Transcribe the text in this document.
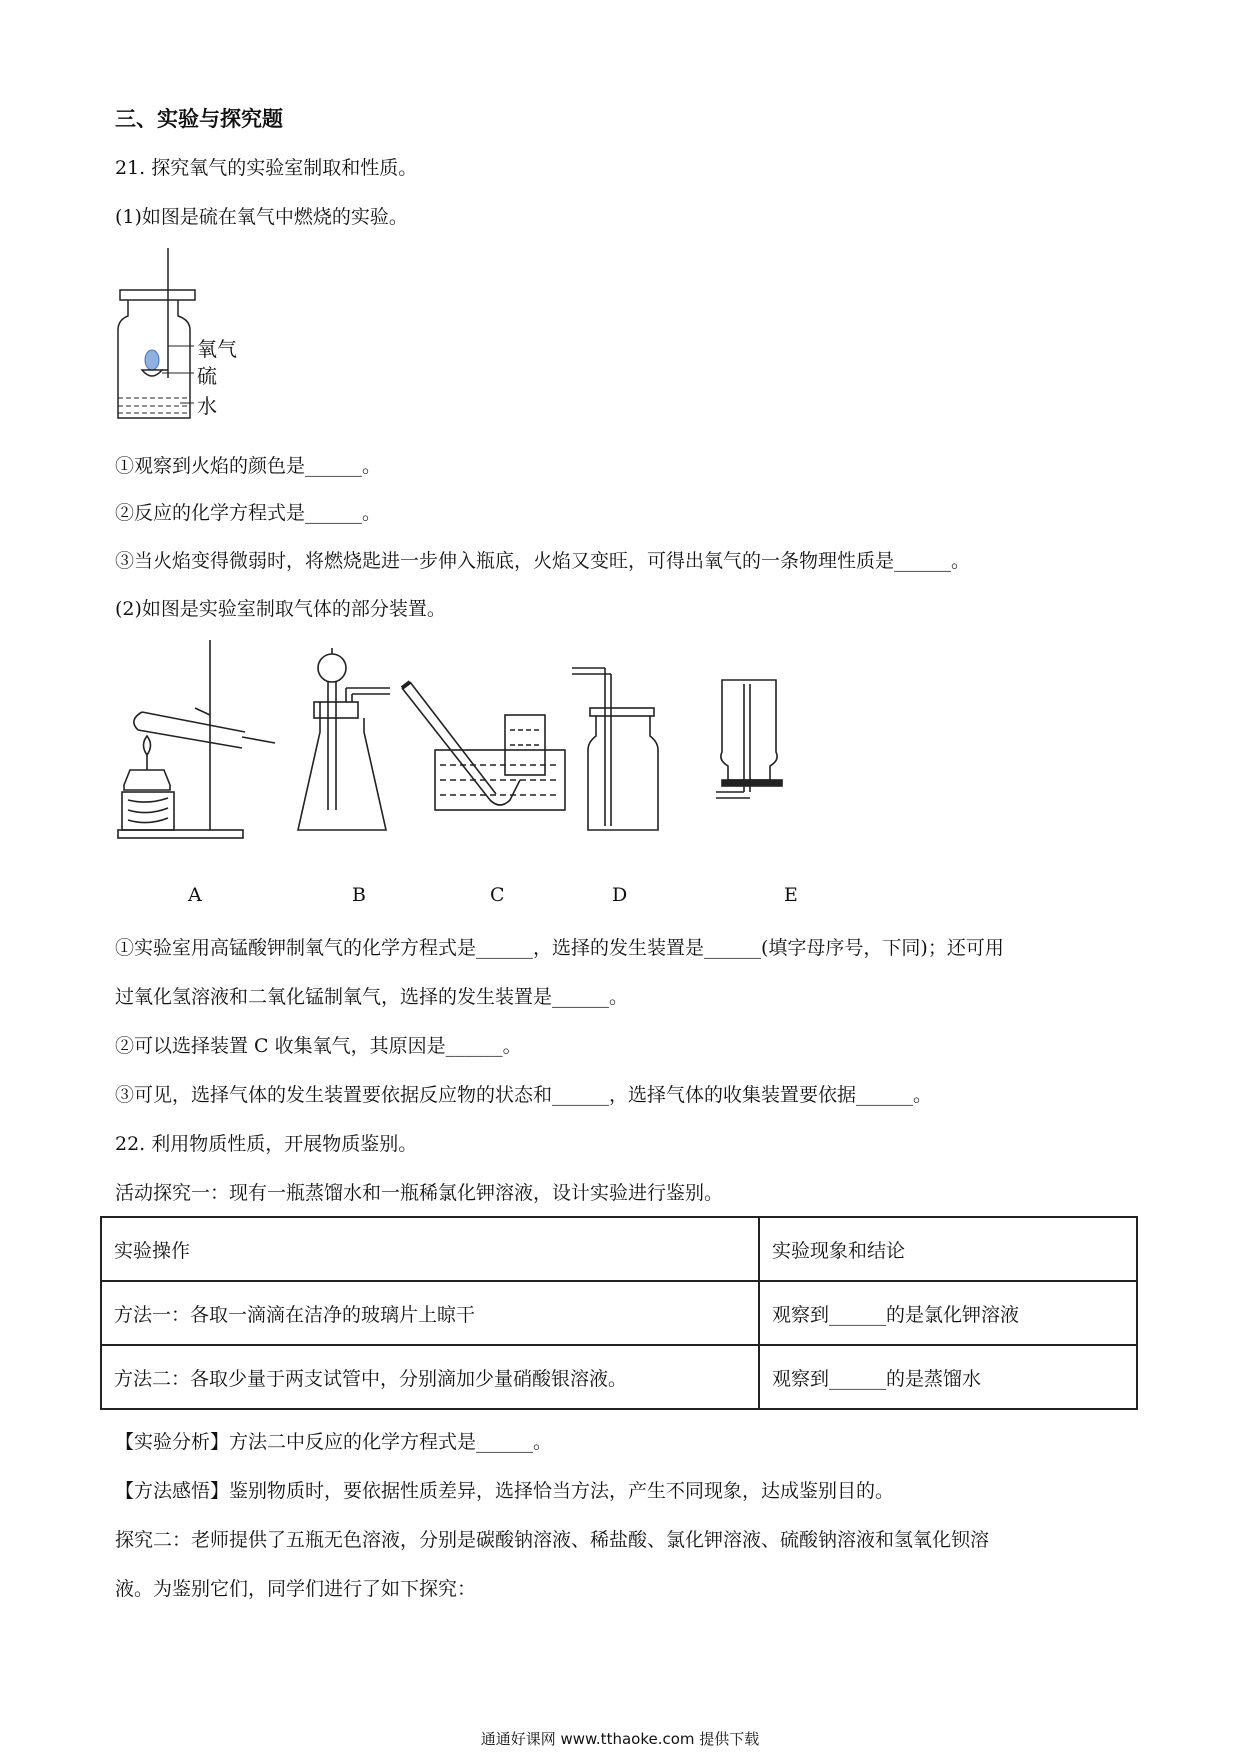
三、实验与探究题
21. 探究氧气的实验室制取和性质。
(1)如图是硫在氧气中燃烧的实验。
氧气
硫
水
①观察到火焰的颜色是______。
②反应的化学方程式是______。
③当火焰变得微弱时，将燃烧匙进一步伸入瓶底，火焰又变旺，可得出氧气的一条物理性质是______。
(2)如图是实验室制取气体的部分装置。
A	B	C	D	E
①实验室用高锰酸钾制氧气的化学方程式是______，选择的发生装置是______(填字母序号，下同)；还可用
过氧化氢溶液和二氧化锰制氧气，选择的发生装置是______。
②可以选择装置 C 收集氧气，其原因是______。
③可见，选择气体的发生装置要依据反应物的状态和______，选择气体的收集装置要依据______。
22. 利用物质性质，开展物质鉴别。
活动探究一：现有一瓶蒸馏水和一瓶稀氯化钾溶液，设计实验进行鉴别。
实验操作	实验现象和结论
方法一：各取一滴滴在洁净的玻璃片上晾干	观察到______的是氯化钾溶液
方法二：各取少量于两支试管中，分别滴加少量硝酸银溶液。	观察到______的是蒸馏水
【实验分析】方法二中反应的化学方程式是______。
【方法感悟】鉴别物质时，要依据性质差异，选择恰当方法，产生不同现象，达成鉴别目的。
探究二：老师提供了五瓶无色溶液，分别是碳酸钠溶液、稀盐酸、氯化钾溶液、硫酸钠溶液和氢氧化钡溶
液。为鉴别它们，同学们进行了如下探究：
通通好课网 www.tthaoke.com 提供下载
